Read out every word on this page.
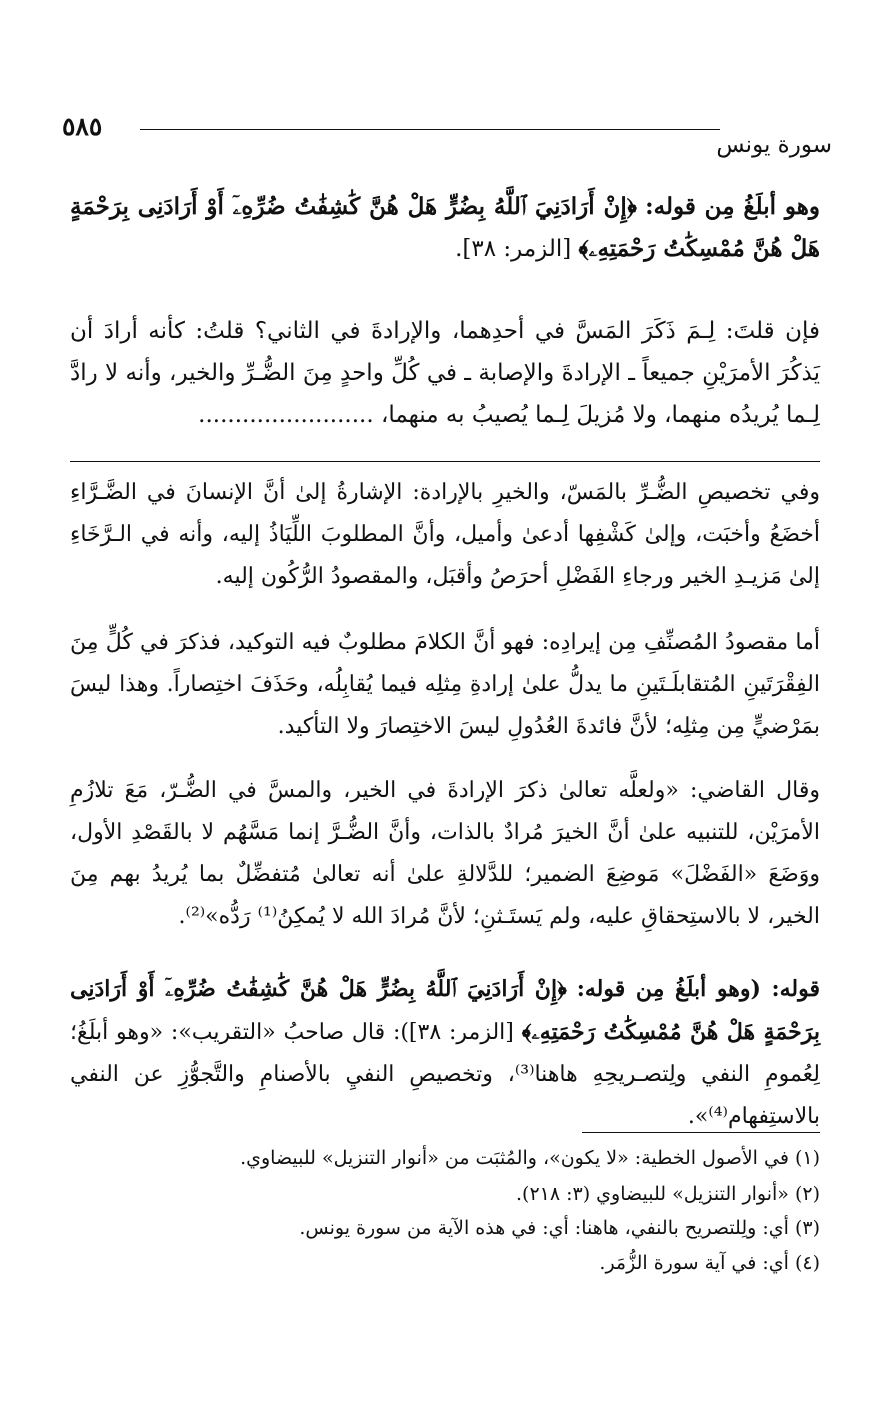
٥٨٥
سورة يونس

وهو أبلَغُ مِن قوله: ﴿إِنْ أَرَادَنِيَ ٱللَّهُ بِضُرٍّ هَلْ هُنَّ كَٰشِفَٰتُ ضُرِّهِۦٓ أَوْ أَرَادَنِى بِرَحْمَةٍ هَلْ هُنَّ مُمْسِكَٰتُ رَحْمَتِهِۦ﴾ [الزمر: ٣٨].

فإن قلتَ: لِـمَ ذَكَرَ المَسَّ في أحدِهما، والإرادةَ في الثاني؟ قلتُ: كأنه أرادَ أن يَذكُرَ الأمرَيْنِ جميعاً ـ الإرادةَ والإصابة ـ في كُلِّ واحدٍ مِنَ الضُّـرِّ والخير، وأنه لا رادَّ لِـما يُريدُه منهما، ولا مُزيلَ لِـما يُصيبُ به منهما، ........................

وفي تخصيصِ الضُّـرِّ بالمَسّ، والخيرِ بالإرادة: الإشارةُ إلىٰ أنَّ الإنسانَ في الضَّـرَّاءِ أخضَعُ وأخبَت، وإلىٰ كَشْفِها أدعىٰ وأميل، وأنَّ المطلوبَ اللِّيَاذُ إليه، وأنه في الـرَّخَاءِ إلىٰ مَزيـدِ الخير ورجاءِ الفَضْلِ أحرَصُ وأقبَل، والمقصودُ الرُّكُون إليه.

أما مقصودُ المُصنِّفِ مِن إيرادِه: فهو أنَّ الكلامَ مطلوبٌ فيه التوكيد، فذكرَ في كُلٍّ مِنَ الفِقْرَتَينِ المُتقابلَـتَينِ ما يدلُّ علىٰ إرادةِ مِثلِه فيما يُقابِلُه، وحَذَفَ اختِصاراً. وهذا ليسَ بمَرْضيٍّ مِن مِثلِه؛ لأنَّ فائدةَ العُدُولِ ليسَ الاختِصارَ ولا التأكيد.

وقال القاضي: «ولعلَّه تعالىٰ ذكرَ الإرادةَ في الخير، والمسَّ في الضُّـرّ، مَعَ تلازُمِ الأمرَيْن، للتنبيه علىٰ أنَّ الخيرَ مُرادٌ بالذات، وأنَّ الضُّـرَّ إنما مَسَّهُم لا بالقَصْدِ الأول، ووَضَعَ «الفَضْلَ» مَوضِعَ الضمير؛ للدَّلالةِ علىٰ أنه تعالىٰ مُتفضِّلٌ بما يُريدُ بهم مِنَ الخير، لا بالاستِحقاقِ عليه، ولم يَستَـثنِ؛ لأنَّ مُرادَ الله لا يُمكِنُ⁽¹⁾ رَدُّه»⁽²⁾.

قوله: (وهو أبلَغُ مِن قوله: ﴿إِنْ أَرَادَنِيَ ٱللَّهُ بِضُرٍّ هَلْ هُنَّ كَٰشِفَٰتُ ضُرِّهِۦٓ أَوْ أَرَادَنِى بِرَحْمَةٍ هَلْ هُنَّ مُمْسِكَٰتُ رَحْمَتِهِۦ﴾ [الزمر: ٣٨]): قال صاحبُ «التقريب»: «وهو أبلَغُ؛ لِعُمومِ النفي ولِتصـريحِهِ هاهنا⁽³⁾، وتخصيصِ النفيِ بالأصنامِ والتَّجوُّزِ عن النفي بالاستِفهام⁽⁴⁾».

(١) في الأصول الخطية: «لا يكون»، والمُثبَت من «أنوار التنزيل» للبيضاوي.

(٢) «أنوار التنزيل» للبيضاوي (٣: ٢١٨).

(٣) أي: ولِلتصريح بالنفي، هاهنا: أي: في هذه الآية من سورة يونس.

(٤) أي: في آية سورة الزُّمَر.
